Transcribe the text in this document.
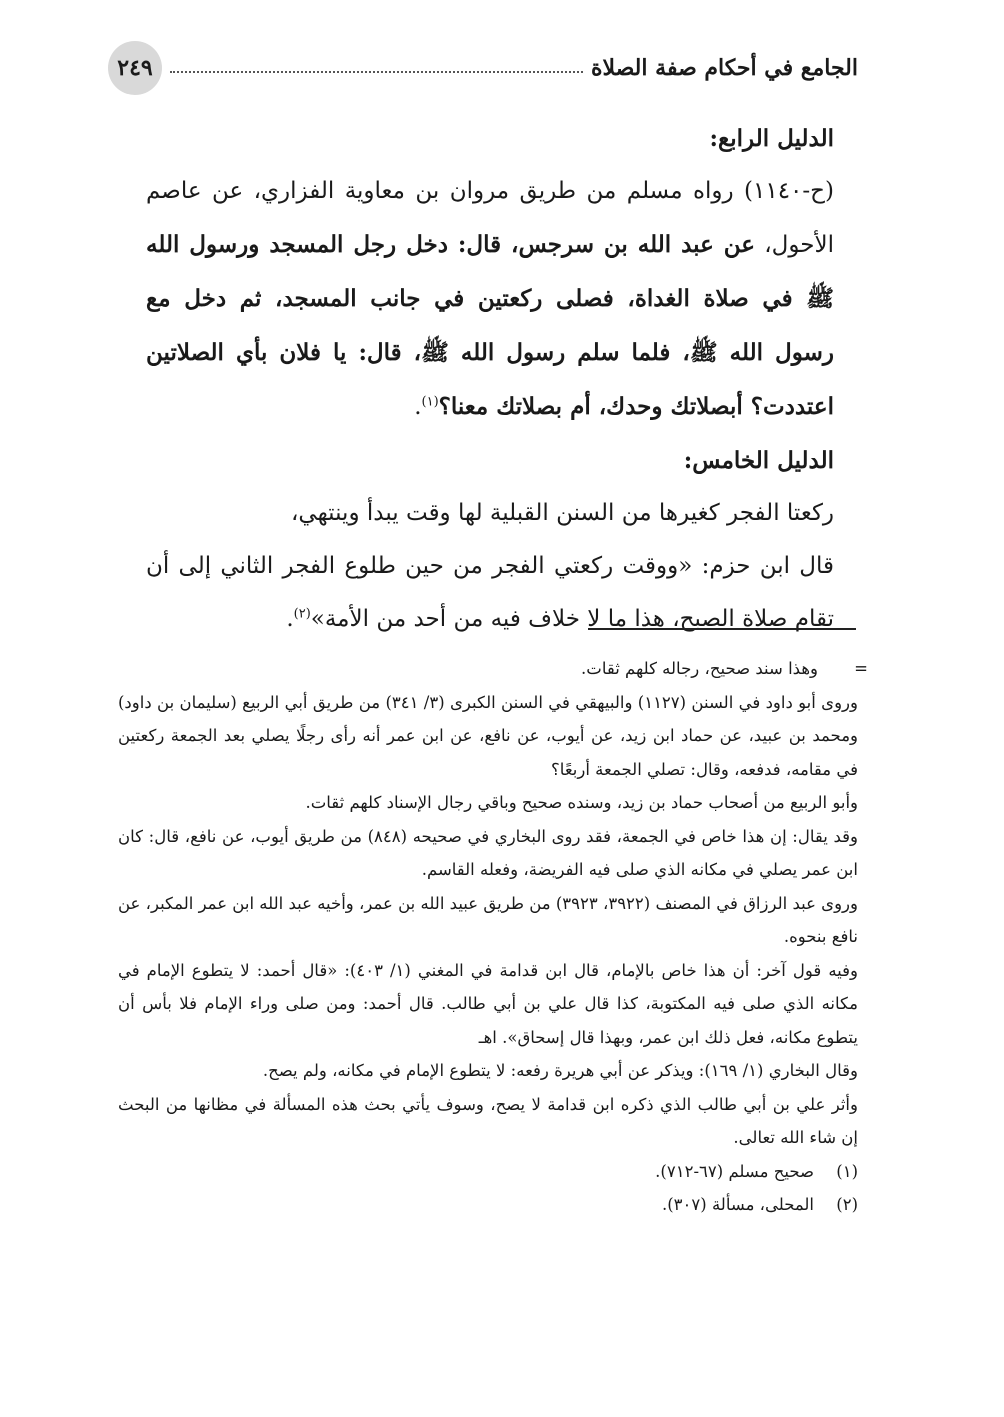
الجامع في أحكام صفة الصلاة
٢٤٩

الدليل الرابع:

(ح-١١٤٠) رواه مسلم من طريق مروان بن معاوية الفزاري، عن عاصم الأحول، عن عبد الله بن سرجس، قال: دخل رجل المسجد ورسول الله ﷺ في صلاة الغداة، فصلى ركعتين في جانب المسجد، ثم دخل مع رسول الله ﷺ، فلما سلم رسول الله ﷺ، قال: يا فلان بأي الصلاتين اعتددت؟ أبصلاتك وحدك، أم بصلاتك معنا؟$^{(١)}$.

الدليل الخامس:

ركعتا الفجر كغيرها من السنن القبلية لها وقت يبدأ وينتهي،

قال ابن حزم: «ووقت ركعتي الفجر من حين طلوع الفجر الثاني إلى أن تقام صلاة الصبح، هذا ما لا خلاف فيه من أحد من الأمة»$^{(٢)}$.

=

وهذا سند صحيح، رجاله كلهم ثقات.

وروى أبو داود في السنن (١١٢٧) والبيهقي في السنن الكبرى (٣/ ٣٤١) من طريق أبي الربيع (سليمان بن داود) ومحمد بن عبيد، عن حماد ابن زيد، عن أيوب، عن نافع، عن ابن عمر أنه رأى رجلًا يصلي بعد الجمعة ركعتين في مقامه، فدفعه، وقال: تصلي الجمعة أربعًا؟

وأبو الربيع من أصحاب حماد بن زيد، وسنده صحيح وباقي رجال الإسناد كلهم ثقات.

وقد يقال: إن هذا خاص في الجمعة، فقد روى البخاري في صحيحه (٨٤٨) من طريق أيوب، عن نافع، قال: كان ابن عمر يصلي في مكانه الذي صلى فيه الفريضة، وفعله القاسم.

وروى عبد الرزاق في المصنف (٣٩٢٢، ٣٩٢٣) من طريق عبيد الله بن عمر، وأخيه عبد الله ابن عمر المكبر، عن نافع بنحوه.

وفيه قول آخر: أن هذا خاص بالإمام، قال ابن قدامة في المغني (١/ ٤٠٣): «قال أحمد: لا يتطوع الإمام في مكانه الذي صلى فيه المكتوبة، كذا قال علي بن أبي طالب. قال أحمد: ومن صلى وراء الإمام فلا بأس أن يتطوع مكانه، فعل ذلك ابن عمر، وبهذا قال إسحاق». اهـ

وقال البخاري (١/ ١٦٩): ويذكر عن أبي هريرة رفعه: لا يتطوع الإمام في مكانه، ولم يصح.

وأثر علي بن أبي طالب الذي ذكره ابن قدامة لا يصح، وسوف يأتي بحث هذه المسألة في مظانها من البحث إن شاء الله تعالى.

(١)صحيح مسلم (٦٧-٧١٢).

(٢)المحلى، مسألة (٣٠٧).
